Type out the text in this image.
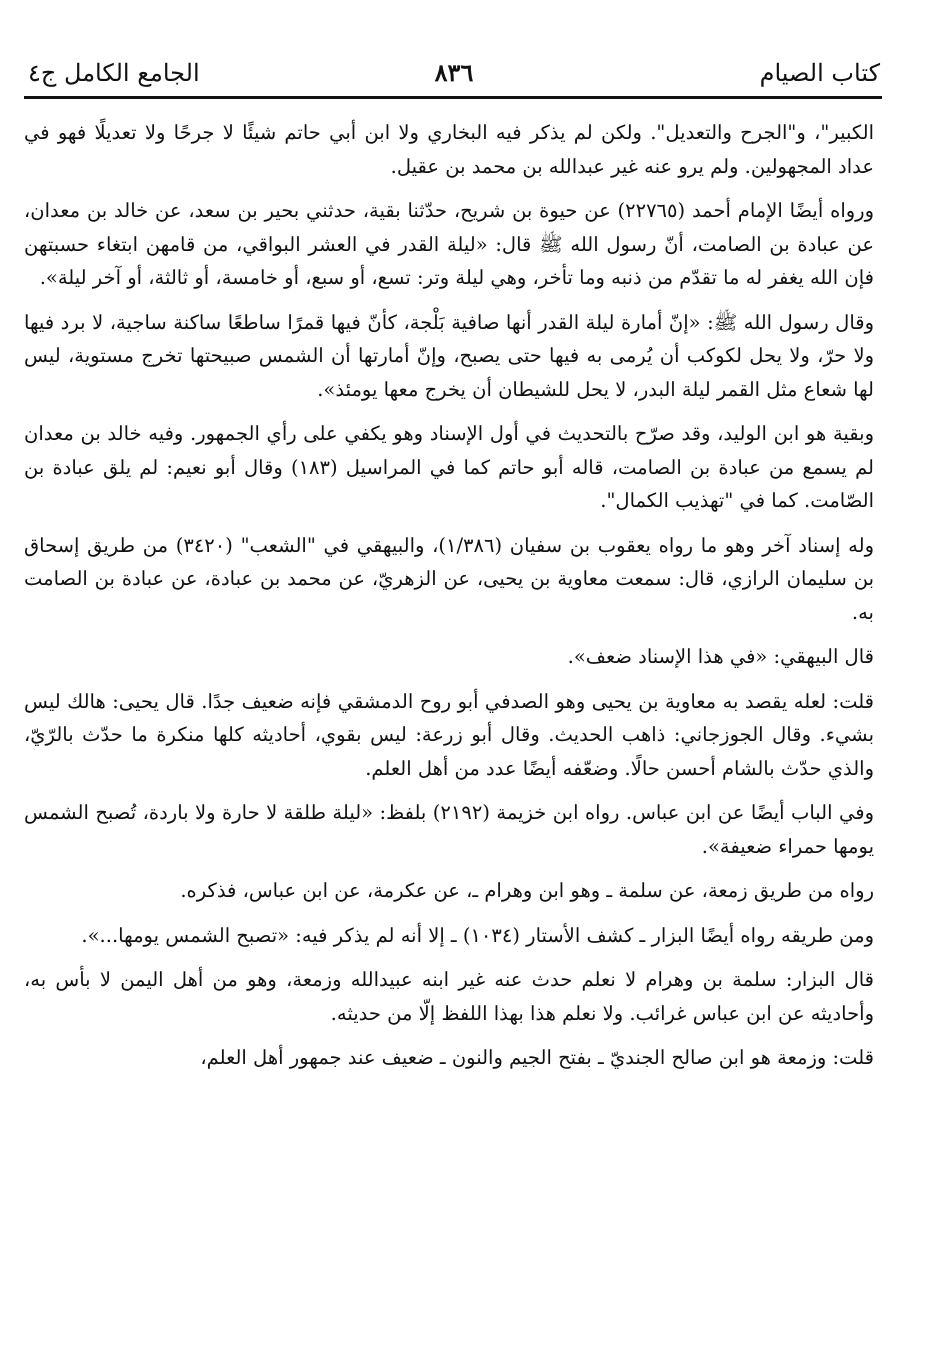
كتاب الصيام
٨٣٦
الجامع الكامل ج٤

الكبير"، و"الجرح والتعديل". ولكن لم يذكر فيه البخاري ولا ابن أبي حاتم شيئًا لا جرحًا ولا تعديلًا فهو في عداد المجهولين. ولم يرو عنه غير عبدالله بن محمد بن عقيل.

ورواه أيضًا الإمام أحمد (٢٢٧٦٥) عن حيوة بن شريح، حدّثنا بقية، حدثني بحير بن سعد، عن خالد بن معدان، عن عبادة بن الصامت، أنّ رسول الله ﷺ قال: «ليلة القدر في العشر البواقي، من قامهن ابتغاء حسبتهن فإن الله يغفر له ما تقدّم من ذنبه وما تأخر، وهي ليلة وتر: تسع، أو سبع، أو خامسة، أو ثالثة، أو آخر ليلة».

وقال رسول الله ﷺ: «إنّ أمارة ليلة القدر أنها صافية بَلْجة، كأنّ فيها قمرًا ساطعًا ساكنة ساجية، لا برد فيها ولا حرّ، ولا يحل لكوكب أن يُرمى به فيها حتى يصبح، وإنّ أمارتها أن الشمس صبيحتها تخرج مستوية، ليس لها شعاع مثل القمر ليلة البدر، لا يحل للشيطان أن يخرج معها يومئذ».

وبقية هو ابن الوليد، وقد صرّح بالتحديث في أول الإسناد وهو يكفي على رأي الجمهور. وفيه خالد بن معدان لم يسمع من عبادة بن الصامت، قاله أبو حاتم كما في المراسيل (١٨٣) وقال أبو نعيم: لم يلق عبادة بن الصّامت. كما في "تهذيب الكمال".

وله إسناد آخر وهو ما رواه يعقوب بن سفيان (١/٣٨٦)، والبيهقي في "الشعب" (٣٤٢٠) من طريق إسحاق بن سليمان الرازي، قال: سمعت معاوية بن يحيى، عن الزهريّ، عن محمد بن عبادة، عن عبادة بن الصامت به.

قال البيهقي: «في هذا الإسناد ضعف».

قلت: لعله يقصد به معاوية بن يحيى وهو الصدفي أبو روح الدمشقي فإنه ضعيف جدًا. قال يحيى: هالك ليس بشيء. وقال الجوزجاني: ذاهب الحديث. وقال أبو زرعة: ليس بقوي، أحاديثه كلها منكرة ما حدّث بالرّيّ، والذي حدّث بالشام أحسن حالًا. وضعّفه أيضًا عدد من أهل العلم.

وفي الباب أيضًا عن ابن عباس. رواه ابن خزيمة (٢١٩٢) بلفظ: «ليلة طلقة لا حارة ولا باردة، تُصبح الشمس يومها حمراء ضعيفة».

رواه من طريق زمعة، عن سلمة ـ وهو ابن وهرام ـ، عن عكرمة، عن ابن عباس، فذكره.

ومن طريقه رواه أيضًا البزار ـ كشف الأستار (١٠٣٤) ـ إلا أنه لم يذكر فيه: «تصبح الشمس يومها...».

قال البزار: سلمة بن وهرام لا نعلم حدث عنه غير ابنه عبيدالله وزمعة، وهو من أهل اليمن لا بأس به، وأحاديثه عن ابن عباس غرائب. ولا نعلم هذا بهذا اللفظ إلّا من حديثه.

قلت: وزمعة هو ابن صالح الجنديّ ـ بفتح الجيم والنون ـ ضعيف عند جمهور أهل العلم،
